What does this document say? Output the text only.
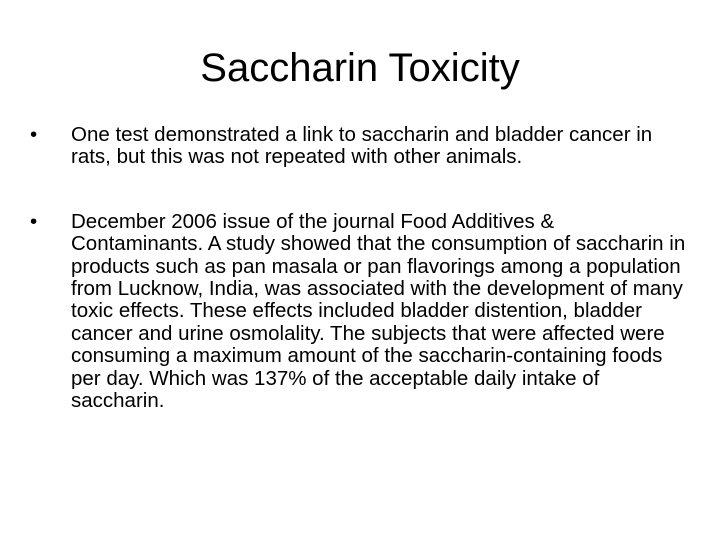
Saccharin Toxicity
•	One test demonstrated a link to saccharin and bladder cancer in rats, but this was not repeated with other animals.
•	December 2006 issue of the journal Food Additives & Contaminants. A study showed that the consumption of saccharin in products such as pan masala or pan flavorings among a population from Lucknow, India, was associated with the development of many toxic effects. These effects included bladder distention, bladder cancer and urine osmolality. The subjects that were affected were consuming a maximum amount of the saccharin-containing foods per day. Which was 137% of the acceptable daily intake of saccharin.
